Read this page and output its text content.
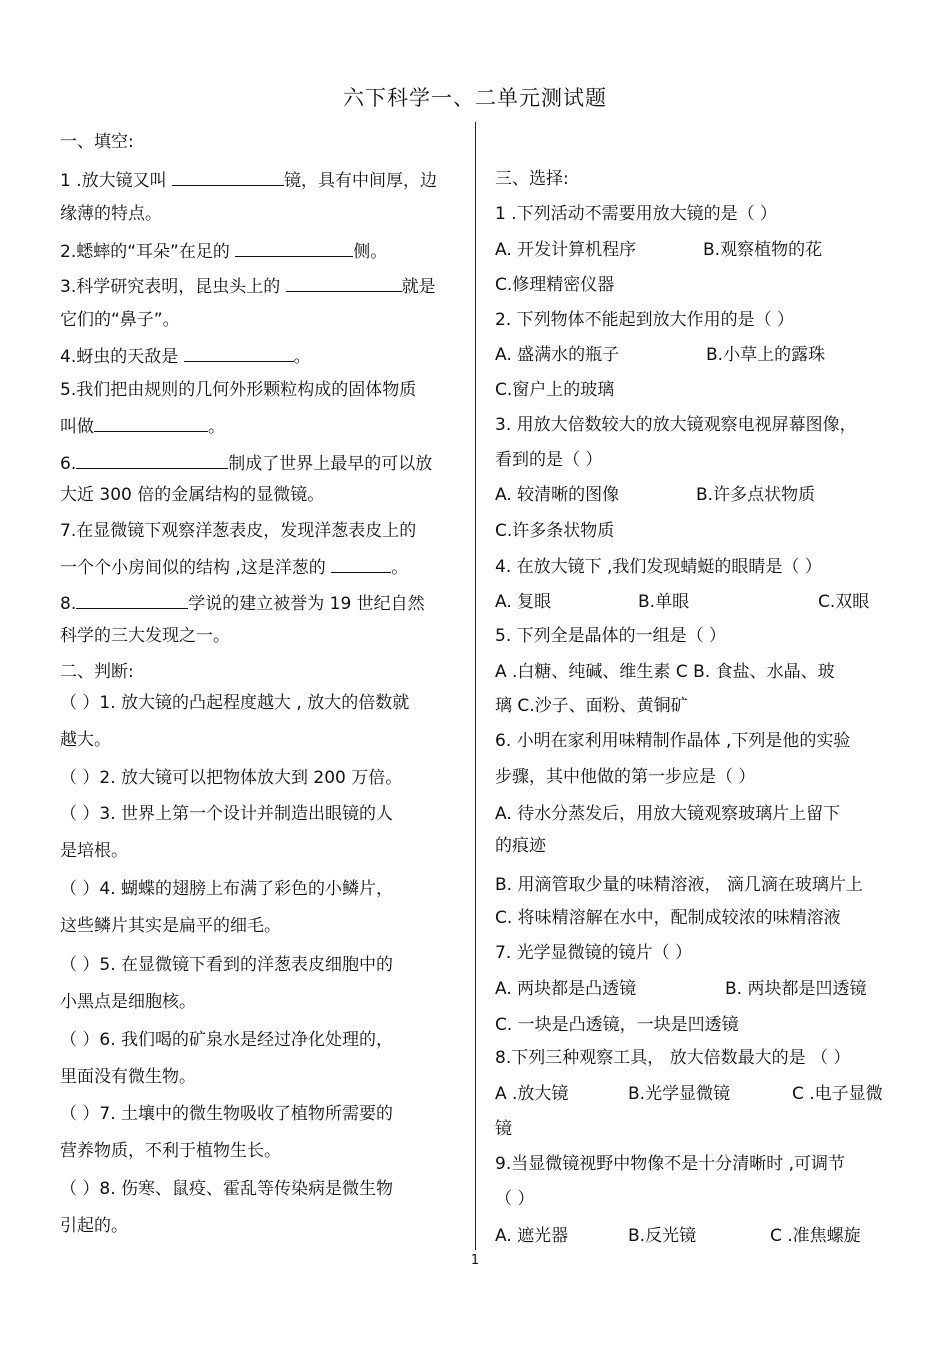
六下科学一、二单元测试题
一、填空:
1 .放大镜又叫	镜，具有中间厚，边
缘薄的特点。
2.蟋蟀的“耳朵”在足的	侧。
3.科学研究表明，昆虫头上的	就是
它们的“鼻子”。
4.蚜虫的天敌是	。
5.我们把由规则的几何外形颗粒构成的固体物质
叫做	。
6.	制成了世界上最早的可以放
大近 300 倍的金属结构的显微镜。
7.在显微镜下观察洋葱表皮，发现洋葱表皮上的
一个个小房间似的结构 ,这是洋葱的	。
8.	学说的建立被誉为 19 世纪自然
科学的三大发现之一。
二、判断:
（ ）1. 放大镜的凸起程度越大 , 放大的倍数就
越大。
（ ）2. 放大镜可以把物体放大到 200 万倍。
（ ）3. 世界上第一个设计并制造出眼镜的人
是培根。
（ ）4. 蝴蝶的翅膀上布满了彩色的小鳞片，
这些鳞片其实是扁平的细毛。
（ ）5. 在显微镜下看到的洋葱表皮细胞中的
小黑点是细胞核。
（ ）6. 我们喝的矿泉水是经过净化处理的，
里面没有微生物。
（ ）7. 土壤中的微生物吸收了植物所需要的
营养物质，不利于植物生长。
（ ）8. 伤寒、鼠疫、霍乱等传染病是微生物
引起的。
三、选择:
1 .下列活动不需要用放大镜的是（ ）
A. 开发计算机程序	B.观察植物的花
C.修理精密仪器
2. 下列物体不能起到放大作用的是（ ）
A. 盛满水的瓶子	B.小草上的露珠
C.窗户上的玻璃
3. 用放大倍数较大的放大镜观察电视屏幕图像，
看到的是（ ）
A. 较清晰的图像	B.许多点状物质
C.许多条状物质
4. 在放大镜下 ,我们发现蜻蜓的眼睛是（ ）
A. 复眼	B.单眼	C.双眼
5. 下列全是晶体的一组是（ ）
A .白糖、纯碱、维生素 C B. 食盐、水晶、玻
璃 C.沙子、面粉、黄铜矿
6. 小明在家利用味精制作晶体 ,下列是他的实验
步骤，其中他做的第一步应是（ ）
A. 待水分蒸发后，用放大镜观察玻璃片上留下
的痕迹
B. 用滴管取少量的味精溶液， 滴几滴在玻璃片上
C. 将味精溶解在水中，配制成较浓的味精溶液
7. 光学显微镜的镜片（ ）
A. 两块都是凸透镜	B. 两块都是凹透镜
C. 一块是凸透镜，一块是凹透镜
8.下列三种观察工具， 放大倍数最大的是 （ ）
A .放大镜	B.光学显微镜	C .电子显微
镜
9.当显微镜视野中物像不是十分清晰时 ,可调节
（ ）
A. 遮光器	B.反光镜	C .准焦螺旋
1
